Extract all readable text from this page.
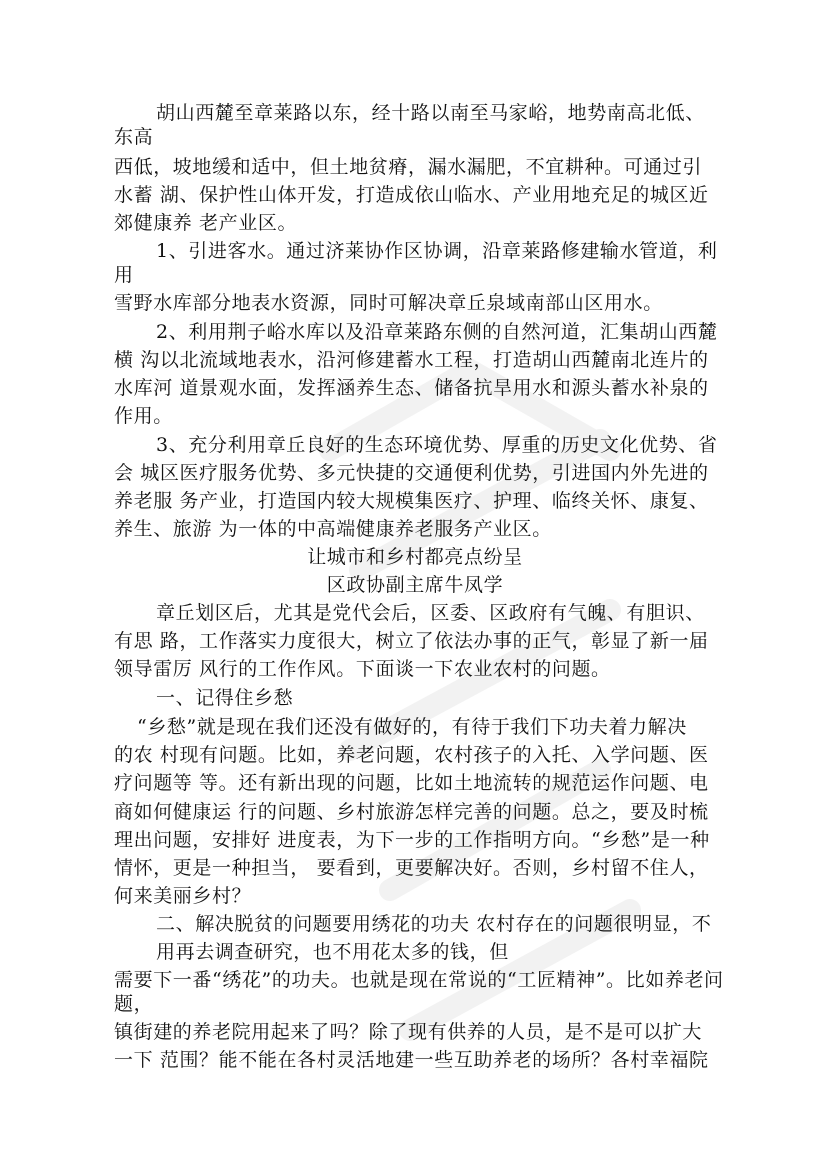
胡山西麓至章莱路以东，经十路以南至马家峪，地势南高北低、
东高
西低，坡地缓和适中，但土地贫瘠，漏水漏肥，不宜耕种。可通过引
水蓄 湖、保护性山体开发，打造成依山临水、产业用地充足的城区近
郊健康养 老产业区。
1、引进客水。通过济莱协作区协调，沿章莱路修建输水管道，利
用
雪野水库部分地表水资源，同时可解决章丘泉域南部山区用水。
2、利用荆子峪水库以及沿章莱路东侧的自然河道，汇集胡山西麓
横 沟以北流域地表水，沿河修建蓄水工程，打造胡山西麓南北连片的
水库河 道景观水面，发挥涵养生态、储备抗旱用水和源头蓄水补泉的
作用。
3、充分利用章丘良好的生态环境优势、厚重的历史文化优势、省
会 城区医疗服务优势、多元快捷的交通便利优势，引进国内外先进的
养老服 务产业，打造国内较大规模集医疗、护理、临终关怀、康复、
养生、旅游 为一体的中高端健康养老服务产业区。
让城市和乡村都亮点纷呈
区政协副主席牛凤学
章丘划区后，尤其是党代会后，区委、区政府有气魄、有胆识、
有思 路，工作落实力度很大，树立了依法办事的正气，彰显了新一届
领导雷厉 风行的工作作风。下面谈一下农业农村的问题。
一、记得住乡愁
“乡愁”就是现在我们还没有做好的，有待于我们下功夫着力解决
的农 村现有问题。比如，养老问题，农村孩子的入托、入学问题、医
疗问题等 等。还有新出现的问题，比如土地流转的规范运作问题、电
商如何健康运 行的问题、乡村旅游怎样完善的问题。总之，要及时梳
理出问题，安排好 进度表，为下一步的工作指明方向。“乡愁”是一种
情怀，更是一种担当， 要看到，更要解决好。否则，乡村留不住人，
何来美丽乡村？
二、解决脱贫的问题要用绣花的功夫 农村存在的问题很明显，不
用再去调查研究，也不用花太多的钱，但
需要下一番“绣花”的功夫。也就是现在常说的“工匠精神”。比如养老问
题，
镇街建的养老院用起来了吗？除了现有供养的人员，是不是可以扩大
一下 范围？能不能在各村灵活地建一些互助养老的场所？各村幸福院
